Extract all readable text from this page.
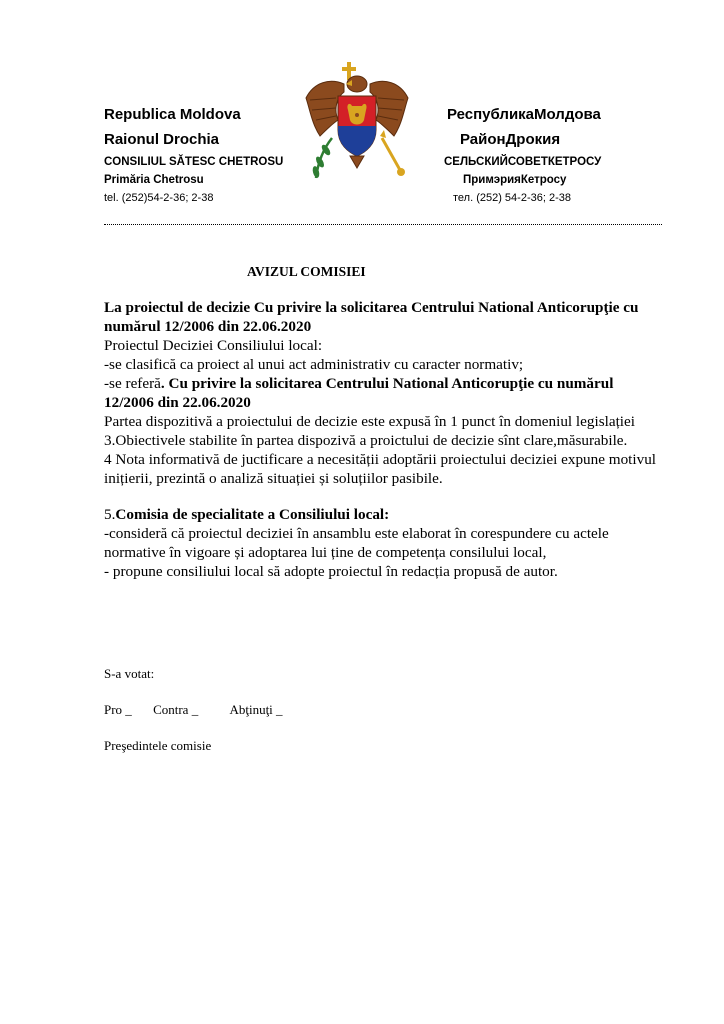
Republica Moldova
Raionul Drochia
CONSILIUL SĂTESC CHETROSU
Primăria Chetrosu
tel. (252)54-2-36; 2-38
РеспубликаМолдова
РайонДрокия
СЕЛЬСКИЙСОВЕТКЕТРОСУ
ПримэрияКетросу
тел. (252) 54-2-36; 2-38
AVIZUL COMISIEI

La proiectul de decizie Cu privire la solicitarea Centrului National Anticorupţie cu numărul 12/2006 din 22.06.2020

Proiectul Deciziei Consiliului local:

-se clasifică ca proiect al unui act administrativ cu caracter normativ;

-se referă. Cu privire la solicitarea Centrului National Anticorupţie cu numărul 12/2006 din 22.06.2020

Partea dispozitivă a proiectului de decizie este expusă în 1 punct în domeniul legislației

3.Obiectivele stabilite în partea dispozivă a proictului de decizie sînt clare,măsurabile.

4 Nota informativă de juctificare a necesității adoptării proiectului deciziei expune motivul inițierii, prezintă o analiză situației și soluțiilor pasibile.

5.Comisia de specialitate a Consiliului local:

-consideră că proiectul deciziei în ansamblu este elaborat în corespundere cu actele normative în vigoare și adoptarea lui ține de competența consilului local,

- propune consiliului local să adopte proiectul în redacția propusă de autor.

S-a votat:
Pro _ Contra _ Abţinuţi _
Preşedintele comisie
